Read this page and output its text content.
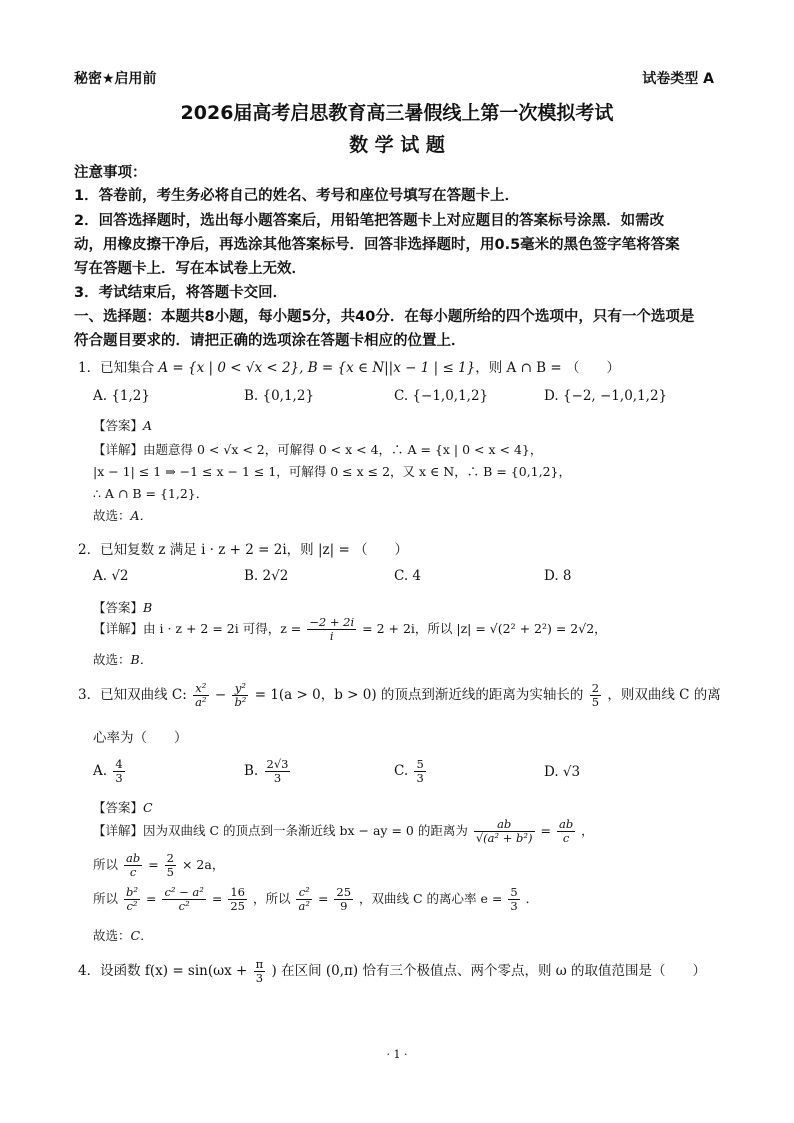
秘密★启用前	试卷类型 A
2026届高考启思教育高三暑假线上第一次模拟考试
数 学 试 题
注意事项：
1．答卷前，考生务必将自己的姓名、考号和座位号填写在答题卡上．
2．回答选择题时，选出每小题答案后，用铅笔把答题卡上对应题目的答案标号涂黑．如需改
动，用橡皮擦干净后，再选涂其他答案标号．回答非选择题时，用0.5毫米的黑色签字笔将答案
写在答题卡上．写在本试卷上无效．
3．考试结束后，将答题卡交回．
一、选择题：本题共8小题，每小题5分，共40分．在每小题所给的四个选项中，只有一个选项是
符合题目要求的．请把正确的选项涂在答题卡相应的位置上．
1．已知集合 A = {x | 0 < √x < 2}, B = {x ∈ N||x − 1 | ≤ 1}，则 A ∩ B = （　　）
A. {1,2}	B. {0,1,2}	C. {−1,0,1,2}	D. {−2, −1,0,1,2}
【答案】A
【详解】由题意得 0 < √x < 2，可解得 0 < x < 4，∴ A = {x | 0 < x < 4}，
|x − 1| ≤ 1 ⇒ −1 ≤ x − 1 ≤ 1，可解得 0 ≤ x ≤ 2，又 x ∈ N，∴ B = {0,1,2}，
∴ A ∩ B = {1,2}．
故选：A．
2．已知复数 z 满足 i · z + 2 = 2i，则 |z| = （　　）
A. √2	B. 2√2	C. 4	D. 8
【答案】B
【详解】由 i · z + 2 = 2i 可得，$z = \frac{-2 + 2i}{i} = 2 + 2i$，所以 |z| = √(2² + 2²) = 2√2，
故选：B．
3．已知双曲线 C: $\frac{\text{x²}}{\text{a²}} - \frac{\text{y²}}{\text{b²}} = 1(a > 0$，b > 0) 的顶点到渐近线的距离为实轴长的 $\frac{2}{5}$ ，则双曲线 C 的离
心率为（　　）
A. $\frac{4}{3}$	B. $\frac{2√3}{3}$	C. $\frac{5}{3}$	D. √3
【答案】C
【详解】因为双曲线 C 的顶点到一条渐近线 bx − ay = 0 的距离为 $\frac{ab}{\text{√(a² + b²)}} = \frac{ab}{c}$ ，
所以 $\frac{ab}{c} = \frac{2}{5} \times 2a$，
所以 $\frac{\text{b²}}{\text{c²}} = \frac{\text{c² − a²}}{\text{c²}} = \frac{16}{25}$ ，所以 $\frac{\text{c²}}{\text{a²}} = \frac{25}{9}$ ，双曲线 C 的离心率 $e = \frac{5}{3}$ ．
故选：C．
4．设函数 $f(x) = \sin(\omega x + \frac{\pi}{3}$ ) 在区间 (0,π) 恰有三个极值点、两个零点，则 ω 的取值范围是（　　）
· 1 ·
